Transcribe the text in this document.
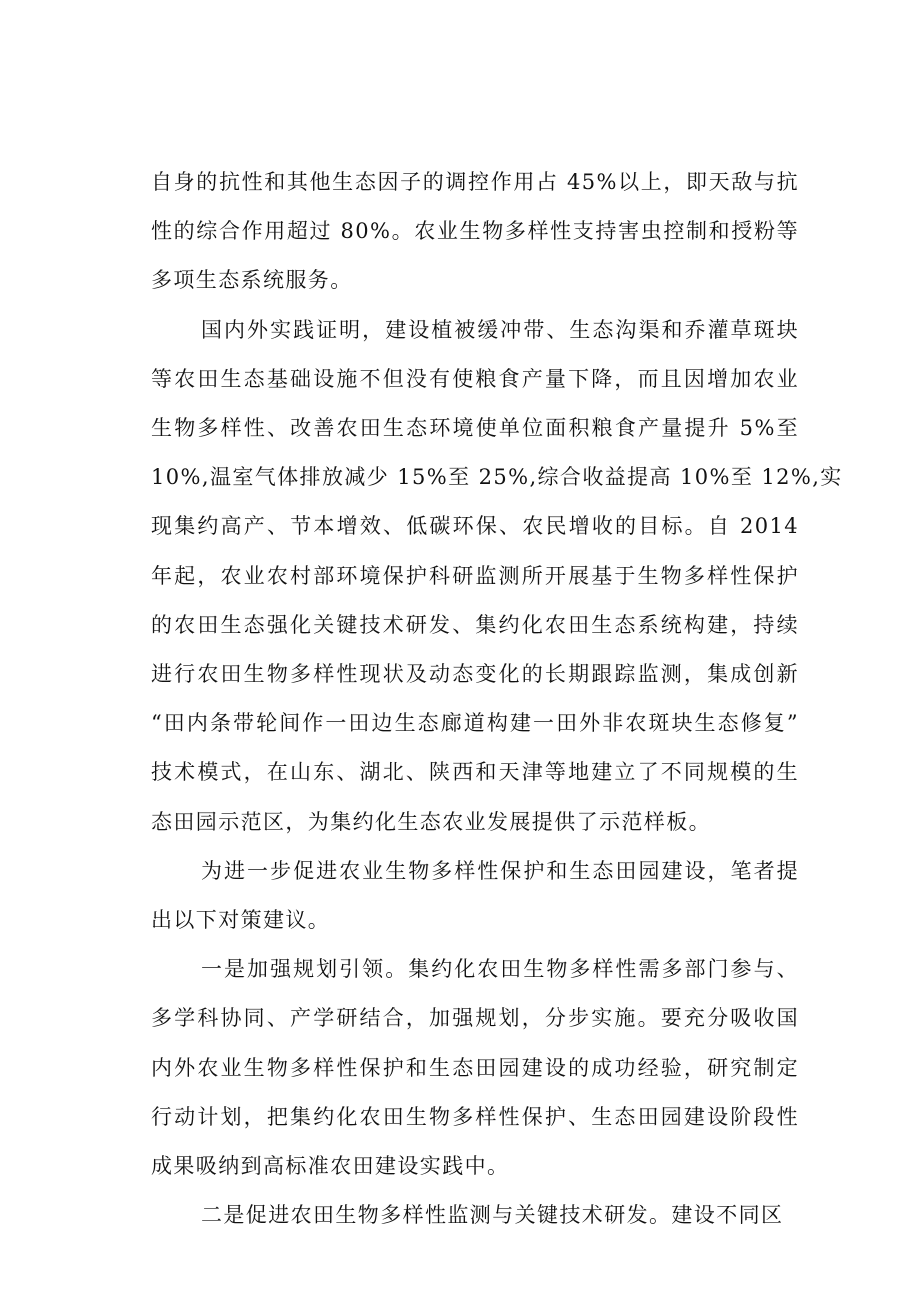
自身的抗性和其他生态因子的调控作用占 45%以上，即天敌与抗
性的综合作用超过 80%。农业生物多样性支持害虫控制和授粉等
多项生态系统服务。

国内外实践证明，建设植被缓冲带、生态沟渠和乔灌草斑块
等农田生态基础设施不但没有使粮食产量下降，而且因增加农业
生物多样性、改善农田生态环境使单位面积粮食产量提升 5%至
10%,温室气体排放减少 15%至 25%,综合收益提高 10%至 12%,实
现集约高产、节本增效、低碳环保、农民增收的目标。自 2014
年起，农业农村部环境保护科研监测所开展基于生物多样性保护
的农田生态强化关键技术研发、集约化农田生态系统构建，持续
进行农田生物多样性现状及动态变化的长期跟踪监测，集成创新
“田内条带轮间作一田边生态廊道构建一田外非农斑块生态修复”
技术模式，在山东、湖北、陕西和天津等地建立了不同规模的生
态田园示范区，为集约化生态农业发展提供了示范样板。

为进一步促进农业生物多样性保护和生态田园建设，笔者提
出以下对策建议。

一是加强规划引领。集约化农田生物多样性需多部门参与、
多学科协同、产学研结合，加强规划，分步实施。要充分吸收国
内外农业生物多样性保护和生态田园建设的成功经验，研究制定
行动计划，把集约化农田生物多样性保护、生态田园建设阶段性
成果吸纳到高标准农田建设实践中。

二是促进农田生物多样性监测与关键技术研发。建设不同区
